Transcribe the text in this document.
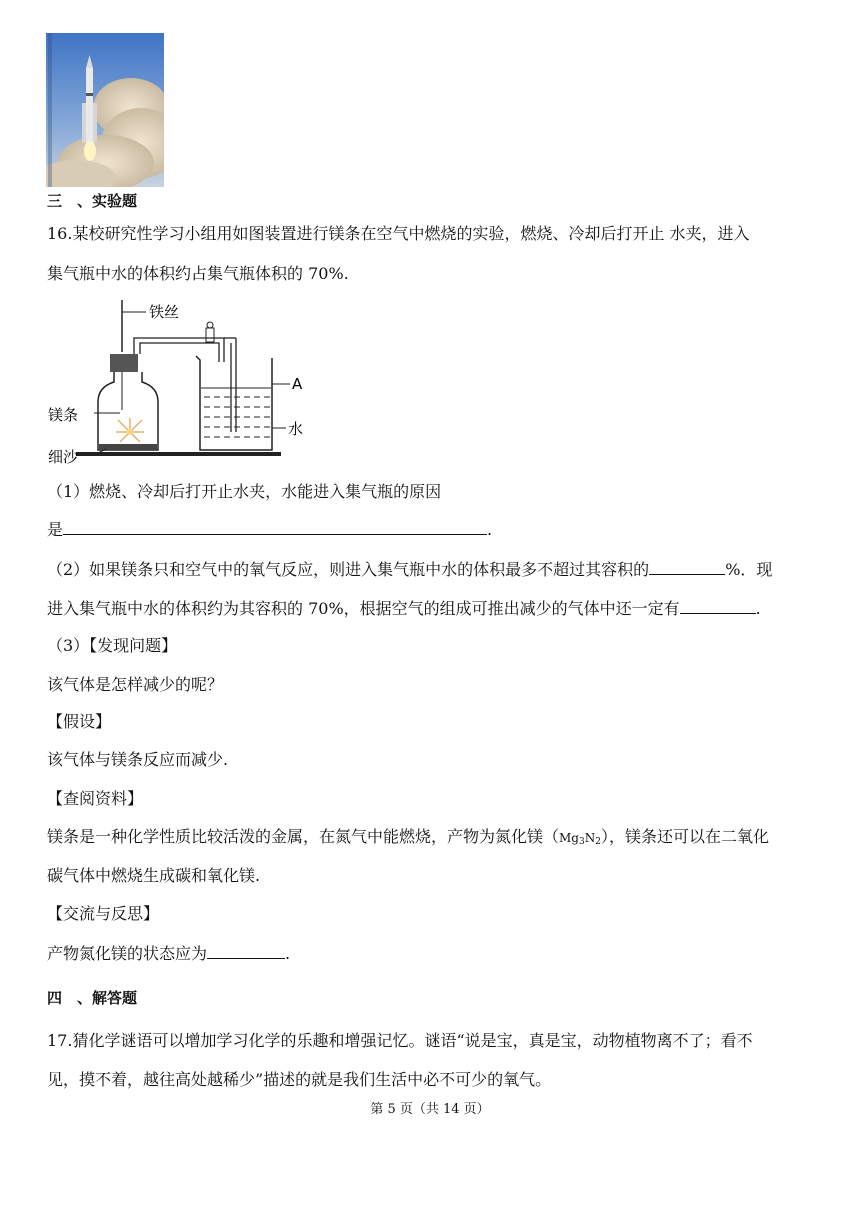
三　、实验题
16.某校研究性学习小组用如图装置进行镁条在空气中燃烧的实验，燃烧、冷却后打开止 水夹，进入
集气瓶中水的体积约占集气瓶体积的 70%.
铁丝
A
水
镁条
细沙
（1）燃烧、冷却后打开止水夹，水能进入集气瓶的原因
是	.
（2）如果镁条只和空气中的氧气反应，则进入集气瓶中水的体积最多不超过其容积的	%．现
进入集气瓶中水的体积约为其容积的 70%，根据空气的组成可推出减少的气体中还一定有	.
（3）【发现问题】
该气体是怎样减少的呢？
【假设】
该气体与镁条反应而减少.
【查阅资料】
镁条是一种化学性质比较活泼的金属，在氮气中能燃烧，产物为氮化镁$(Mg_3N_2)$，镁条还可以在二氧化
碳气体中燃烧生成碳和氧化镁.
【交流与反思】
产物氮化镁的状态应为	.
四　、解答题
17.猜化学谜语可以增加学习化学的乐趣和增强记忆。谜语“说是宝，真是宝，动物植物离不了；看不
见，摸不着，越往高处越稀少”描述的就是我们生活中必不可少的氧气。
第 5 页（共 14 页）
